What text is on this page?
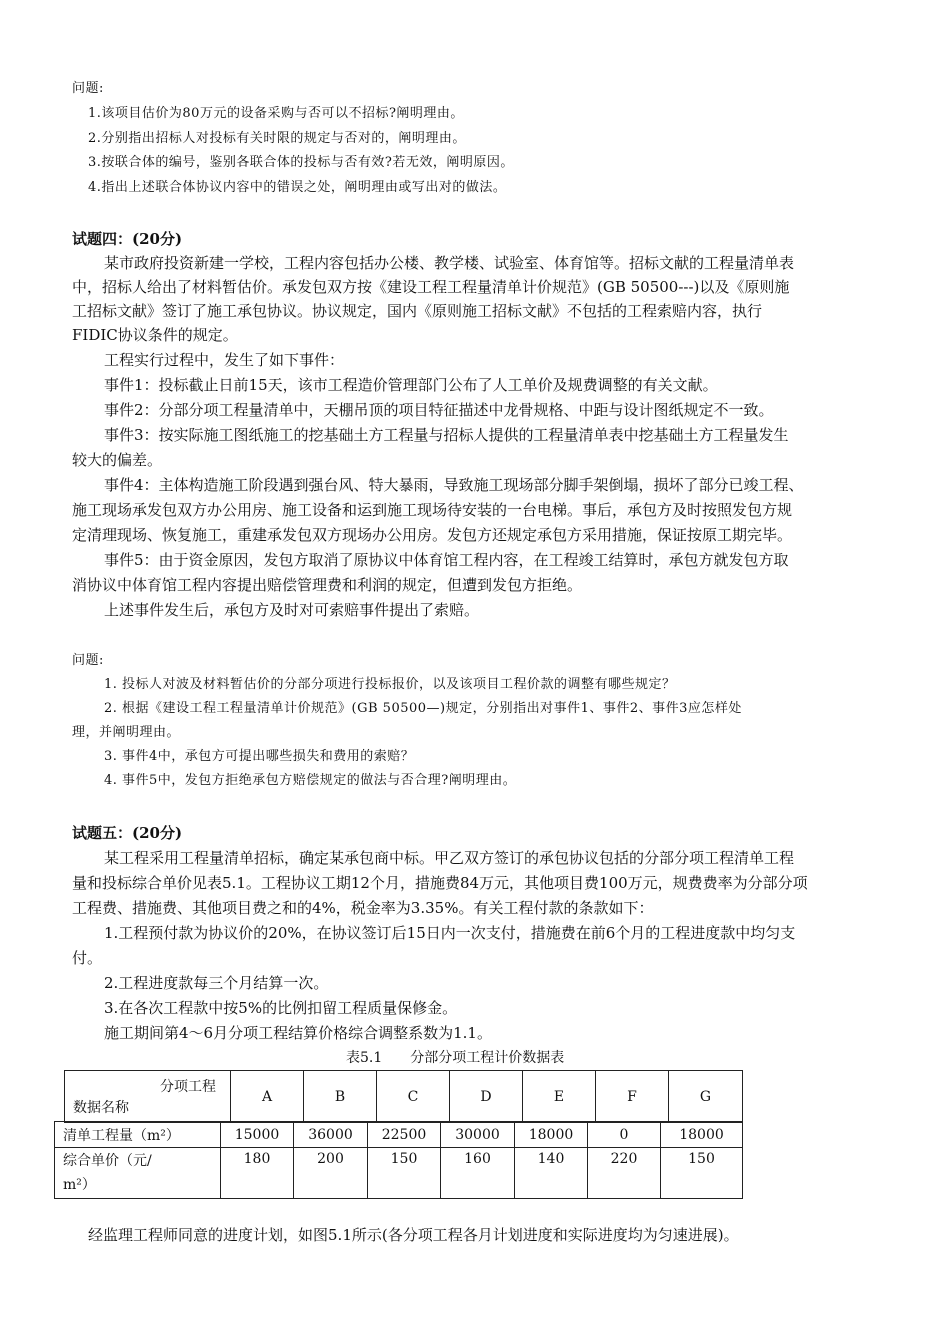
问题:
1.该项目估价为80万元的设备采购与否可以不招标?阐明理由。
2.分别指出招标人对投标有关时限的规定与否对的，阐明理由。
3.按联合体的编号，鉴别各联合体的投标与否有效?若无效，阐明原因。
4.指出上述联合体协议内容中的错误之处，阐明理由或写出对的做法。
试题四：(20分)
某市政府投资新建一学校，工程内容包括办公楼、教学楼、试验室、体育馆等。招标文献的工程量清单表
中，招标人给出了材料暂估价。承发包双方按《建设工程工程量清单计价规范》(GB 50500---)以及《原则施
工招标文献》签订了施工承包协议。协议规定，国内《原则施工招标文献》不包括的工程索赔内容，执行
FIDIC协议条件的规定。
工程实行过程中，发生了如下事件：
事件1：投标截止日前15天，该市工程造价管理部门公布了人工单价及规费调整的有关文献。
事件2：分部分项工程量清单中，天棚吊顶的项目特征描述中龙骨规格、中距与设计图纸规定不一致。
事件3：按实际施工图纸施工的挖基础土方工程量与招标人提供的工程量清单表中挖基础土方工程量发生
较大的偏差。
事件4：主体构造施工阶段遇到强台风、特大暴雨，导致施工现场部分脚手架倒塌，损坏了部分已竣工程、
施工现场承发包双方办公用房、施工设备和运到施工现场待安装的一台电梯。事后，承包方及时按照发包方规
定清理现场、恢复施工，重建承发包双方现场办公用房。发包方还规定承包方采用措施，保证按原工期完毕。
事件5：由于资金原因，发包方取消了原协议中体育馆工程内容，在工程竣工结算时，承包方就发包方取
消协议中体育馆工程内容提出赔偿管理费和利润的规定，但遭到发包方拒绝。
上述事件发生后，承包方及时对可索赔事件提出了索赔。
问题:
1. 投标人对波及材料暂估价的分部分项进行投标报价，以及该项目工程价款的调整有哪些规定？
2. 根据《建设工程工程量清单计价规范》(GB 50500—)规定，分别指出对事件1、事件2、事件3应怎样处
理，并阐明理由。
3. 事件4中，承包方可提出哪些损失和费用的索赔？
4. 事件5中，发包方拒绝承包方赔偿规定的做法与否合理?阐明理由。
试题五：(20分)
某工程采用工程量清单招标，确定某承包商中标。甲乙双方签订的承包协议包括的分部分项工程清单工程
量和投标综合单价见表5.1。工程协议工期12个月，措施费84万元，其他项目费100万元，规费费率为分部分项
工程费、措施费、其他项目费之和的4%，税金率为3.35%。有关工程付款的条款如下：
1.工程预付款为协议价的20%，在协议签订后15日内一次支付，措施费在前6个月的工程进度款中均匀支
付。
2.工程进度款每三个月结算一次。
3.在各次工程款中按5%的比例扣留工程质量保修金。
施工期间第4～6月分项工程结算价格综合调整系数为1.1。
表5.1　　分部分项工程计价数据表
分项工程
数据名称
	A	B	C	D	E	F	G
清单工程量（m²）	15000	36000	22500	30000	18000	0	18000

综合单价（元/
m²）	180	200	150	160	140	220	150
经监理工程师同意的进度计划，如图5.1所示(各分项工程各月计划进度和实际进度均为匀速进展)。
